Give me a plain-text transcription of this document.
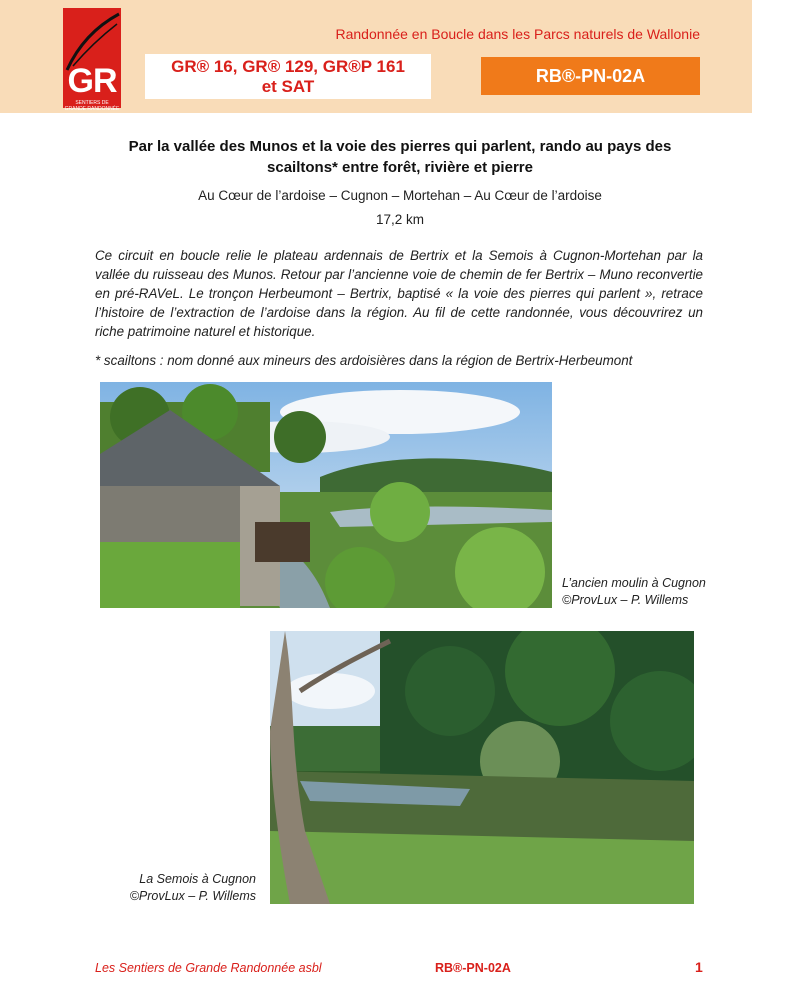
GR
SENTIERS DE GRANDE RANDONNÉE
Randonnée en Boucle dans les Parcs naturels de Wallonie
GR® 16, GR® 129, GR®P 161
et SAT
RB®-PN-02A
Par la vallée des Munos et la voie des pierres qui parlent, rando au pays des scailtons* entre forêt, rivière et pierre
Au Cœur de l’ardoise – Cugnon – Mortehan – Au Cœur de l’ardoise
17,2 km
Ce circuit en boucle relie le plateau ardennais de Bertrix et la Semois à Cugnon-Mortehan par la vallée du ruisseau des Munos. Retour par l’ancienne voie de chemin de fer Bertrix – Muno reconvertie en pré-RAVeL. Le tronçon Herbeumont – Bertrix, baptisé « la voie des pierres qui parlent », retrace l’histoire de l’extraction de l’ardoise dans la région. Au fil de cette randonnée, vous découvrirez un riche patrimoine naturel et historique.
* scailtons : nom donné aux mineurs des ardoisières dans la région de Bertrix-Herbeumont
L’ancien moulin à Cugnon
©ProvLux – P. Willems
La Semois à Cugnon
©ProvLux – P. Willems
Les Sentiers de Grande Randonnée asbl	RB®-PN-02A	1
